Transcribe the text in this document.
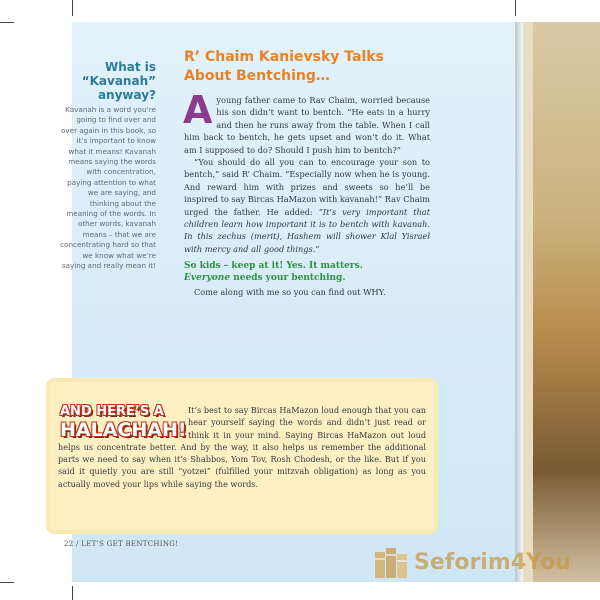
What is “Kavanah” anyway?
Kavanah is a word you’re going to find over and over again in this book, so it’s important to know what it means! Kavanah means saying the words with concentration, paying attention to what we are saying, and thinking about the meaning of the words. In other words, kavanah means – that we are concentrating hard so that we know what we’re saying and really mean it!
R’ Chaim Kanievsky Talks About Bentching…

Ayoung father came to Rav Chaim, worried because his son didn’t want to bentch. “He eats in a hurry and then he runs away from the table. When I call him back to bentch, he gets upset and won’t do it. What am I supposed to do? Should I push him to bentch?”

“You should do all you can to encourage your son to bentch,” said R’ Chaim. “Especially now when he is young. And reward him with prizes and sweets so he’ll be inspired to say Bircas HaMazon with kavanah!” Rav Chaim urged the father. He added: “It’s very important that children learn how important it is to bentch with kavanah. In this zechus (merit), Hashem will shower Klal Yisrael with mercy and all good things.”

So kids – keep at it! Yes. It matters.
Everyone needs your bentching.
Come along with me so you can find out WHY.
It’s best to say Bircas HaMazon loud enough that you can hear yourself saying the words and didn’t just read or think it in your mind. Saying Bircas HaMazon out loud helps us concentrate better. And by the way, it also helps us remember the additional parts we need to say when it’s Shabbos, Yom Tov, Rosh Chodesh, or the like. But if you said it quietly you are still “yotzei” (fulfilled your mitzvah obligation) as long as you actually moved your lips while saying the words.
AND HERE’S A
HALACHAH!
22 / LET’S GET BENTCHING!
Seforim4You
